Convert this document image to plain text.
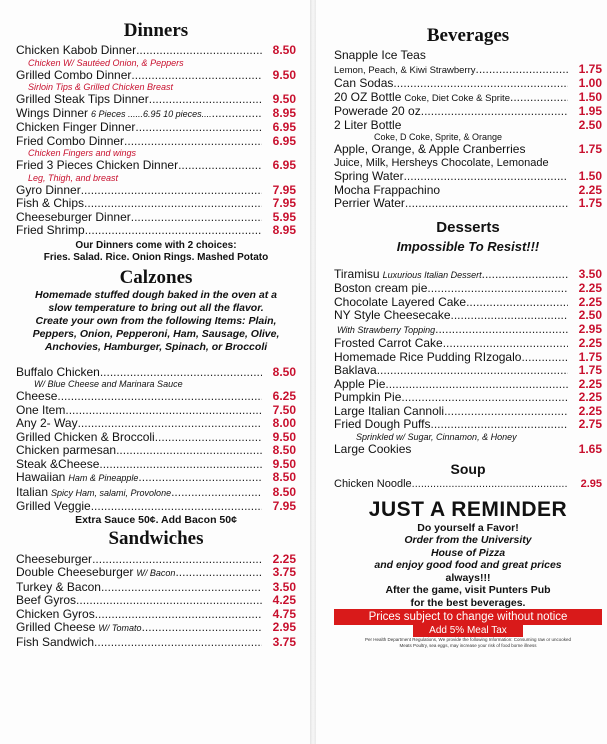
Dinners
Chicken Kabob Dinner .....	8.50
Chicken W/ Sautéed Onion, & Peppers
Grilled Combo Dinner .....	9.50
Sirloin Tips & Grilled Chicken Breast
Grilled Steak Tips Dinner .....	9.50
Wings Dinner 6 Pieces ......6.95 10 pieces.... .....	8.95
Chicken Finger Dinner .....	6.95
Fried Combo Dinner .....	6.95
Chicken Fingers and wings
Fried 3 Pieces Chicken Dinner .....	6.95
Leg, Thigh, and breast
Gyro Dinner .....	7.95
Fish & Chips .....	7.95
Cheeseburger Dinner .....	5.95
Fried Shrimp .....	8.95
Our Dinners come with 2 choices:
Fries. Salad. Rice. Onion Rings. Mashed Potato
Calzones
Homemade stuffed dough baked in the oven at a
slow temperature to bring out all the flavor.
Create your own from the following Items: Plain,
Peppers, Onion, Pepperoni, Ham, Sausage, Olive,
Anchovies, Hamburger, Spinach, or Broccoli
Buffalo Chicken .....	8.50
W/ Blue Cheese and Marinara Sauce
Cheese .....	6.25
One Item .....	7.50
Any 2- Way .....	8.00
Grilled Chicken & Broccoli .....	9.50
Chicken parmesan .....	8.50
Steak &Cheese .....	9.50
Hawaiian Ham & Pineapple .....	8.50
Italian Spicy Ham, salami, Provolone .....	8.50
Grilled Veggie .....	7.95
Extra Sauce 50¢. Add Bacon 50¢
Sandwiches
Cheeseburger .....	2.25
Double Cheeseburger W/ Bacon .....	3.75
Turkey & Bacon .....	3.50
Beef Gyros .....	4.25
Chicken Gyros .....	4.75
Grilled Cheese W/ Tomato .....	2.95
Fish Sandwich .....	3.75
Beverages
Snapple Ice Teas
Lemon, Peach, & Kiwi Strawberry .....	1.75
Can Sodas .....	1.00
20 OZ Bottle Coke, Diet Coke & Sprite .....	1.50
Powerade 20 oz .....	1.95
2 Liter Bottle	2.50
Coke, D Coke, Sprite, & Orange
Apple, Orange, & Apple Cranberries	1.75
Juice, Milk, Hersheys Chocolate, Lemonade
Spring Water .....	1.50
Mocha Frappachino	2.25
Perrier Water .....	1.75
Desserts
Impossible To Resist!!!
Tiramisu Luxurious Italian Dessert .....	3.50
Boston cream pie .....	2.25
Chocolate Layered Cake .....	2.25
NY Style Cheesecake .....	2.50
With Strawberry Topping .....	2.95
Frosted Carrot Cake .....	2.25
Homemade Rice Pudding RIzogalo .....	1.75
Baklava .....	1.75
Apple Pie .....	2.25
Pumpkin Pie .....	2.25
Large Italian Cannoli .....	2.25
Fried Dough Puffs .....	2.75
Sprinkled w/ Sugar, Cinnamon, & Honey
Large Cookies	1.65
Soup
Chicken Noodle .....	2.95
JUST A REMINDER
Do yourself a Favor!
Order from the University
House of Pizza
and enjoy good food and great prices
always!!!
After the game, visit Punters Pub
for the best beverages.
Prices subject to change without notice
Add 5% Meal Tax
Per Health Department Regulations, We provide the following Information: Consuming raw or uncooked
Meats Poultry, sea eggs, may increase your risk of food borne illness
